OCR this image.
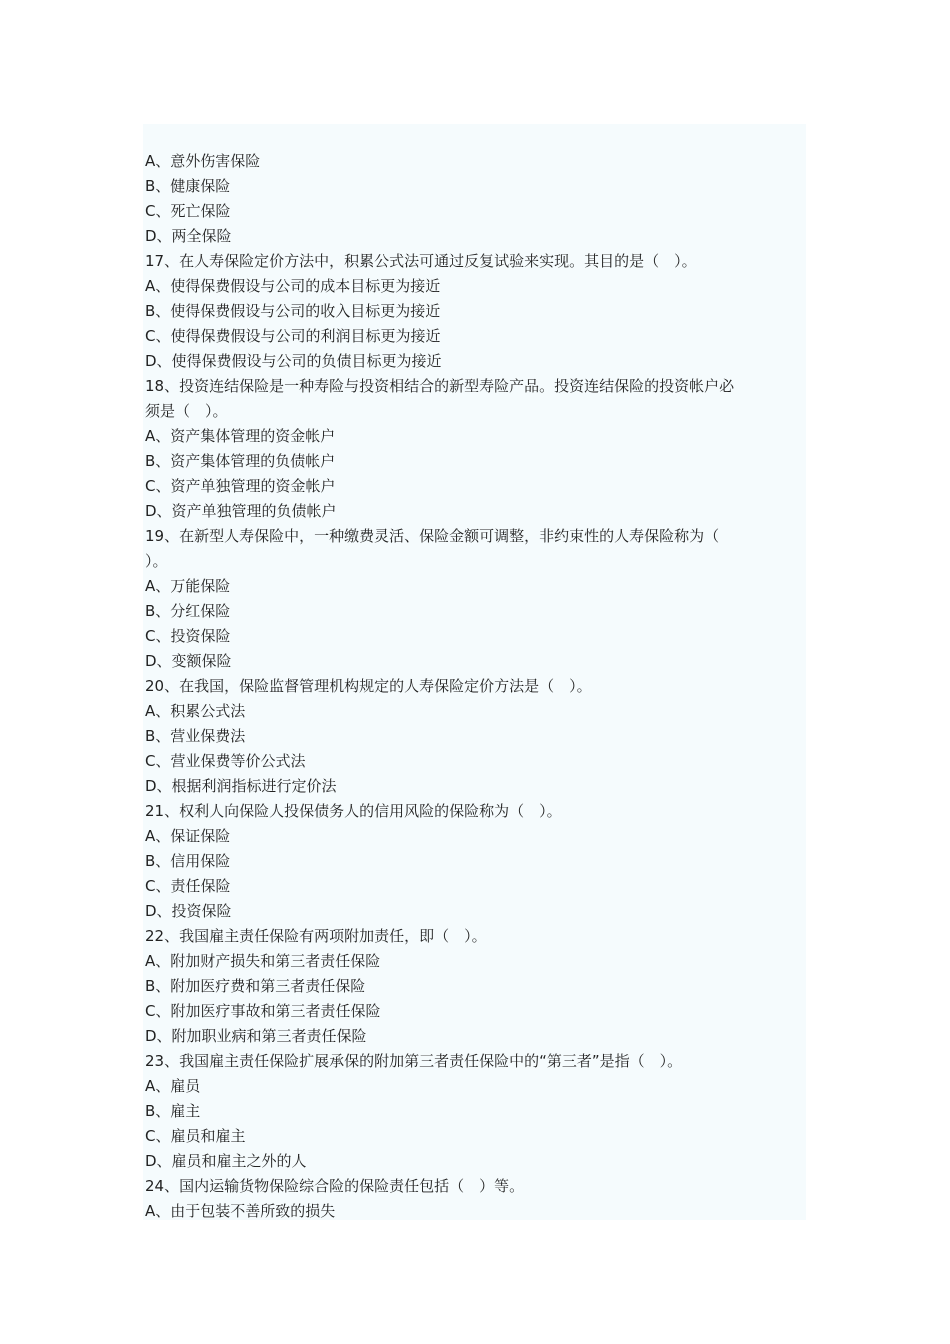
A、意外伤害保险
B、健康保险
C、死亡保险
D、两全保险
17、在人寿保险定价方法中，积累公式法可通过反复试验来实现。其目的是（　）。
A、使得保费假设与公司的成本目标更为接近
B、使得保费假设与公司的收入目标更为接近
C、使得保费假设与公司的利润目标更为接近
D、使得保费假设与公司的负债目标更为接近
18、投资连结保险是一种寿险与投资相结合的新型寿险产品。投资连结保险的投资帐户必
须是（　）。
A、资产集体管理的资金帐户
B、资产集体管理的负债帐户
C、资产单独管理的资金帐户
D、资产单独管理的负债帐户
19、在新型人寿保险中，一种缴费灵活、保险金额可调整，非约束性的人寿保险称为（
）。
A、万能保险
B、分红保险
C、投资保险
D、变额保险
20、在我国，保险监督管理机构规定的人寿保险定价方法是（　）。
A、积累公式法
B、营业保费法
C、营业保费等价公式法
D、根据利润指标进行定价法
21、权利人向保险人投保债务人的信用风险的保险称为（　）。
A、保证保险
B、信用保险
C、责任保险
D、投资保险
22、我国雇主责任保险有两项附加责任，即（　）。
A、附加财产损失和第三者责任保险
B、附加医疗费和第三者责任保险
C、附加医疗事故和第三者责任保险
D、附加职业病和第三者责任保险
23、我国雇主责任保险扩展承保的附加第三者责任保险中的“第三者”是指（　）。
A、雇员
B、雇主
C、雇员和雇主
D、雇员和雇主之外的人
24、国内运输货物保险综合险的保险责任包括（　）等。
A、由于包装不善所致的损失
